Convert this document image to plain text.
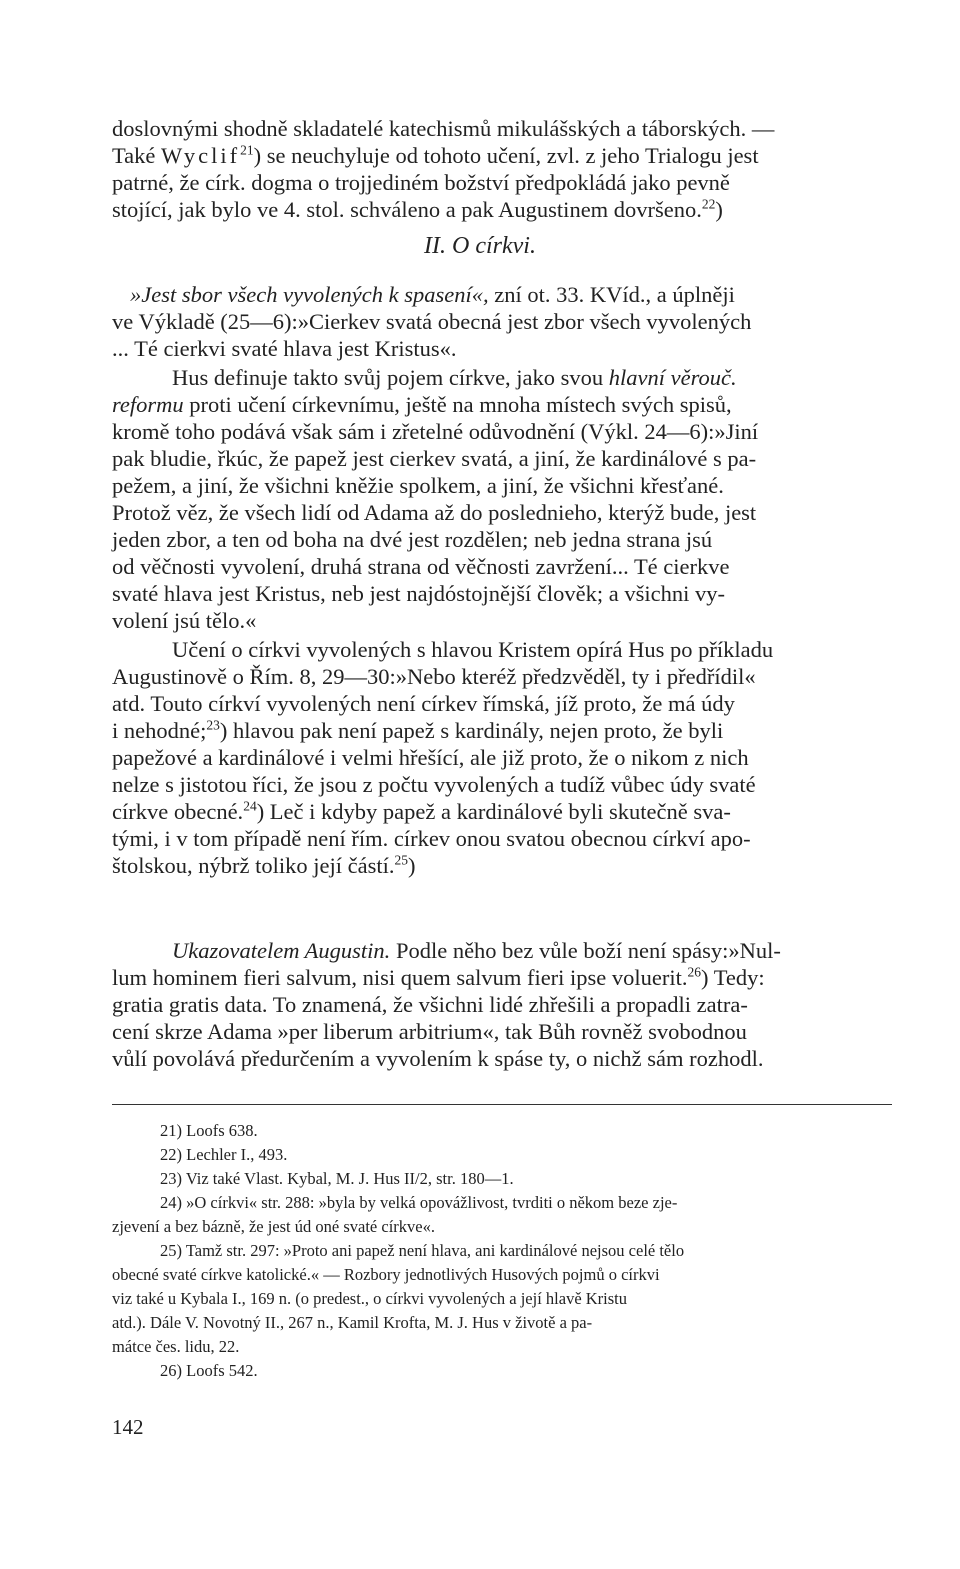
doslovnými shodně skladatelé katechismů mikulášských a táborských. —
Také Wyclif$^{21}$) se neuchyluje od tohoto učení, zvl. z jeho Trialogu jest
patrné, že círk. dogma o trojjediném božství předpokládá jako pevně
stojící, jak bylo ve 4. stol. schváleno a pak Augustinem dovršeno.$^{22}$)
II. O církvi.
»Jest sbor všech vyvolených k spasení«, zní ot. 33. KVíd., a úplněji
ve Výkladě (25—6):»Cierkev svatá obecná jest zbor všech vyvolených
... Té cierkvi svaté hlava jest Kristus«.
Hus definuje takto svůj pojem církve, jako svou hlavní věrouč.
reformu proti učení církevnímu, ještě na mnoha místech svých spisů,
kromě toho podává však sám i zřetelné odůvodnění (Výkl. 24—6):»Jiní
pak bludie, řkúc, že papež jest cierkev svatá, a jiní, že kardinálové s pa-
pežem, a jiní, že všichni kněžie spolkem, a jiní, že všichni křesťané.
Protož věz, že všech lidí od Adama až do poslednieho, kterýž bude, jest
jeden zbor, a ten od boha na dvé jest rozdělen; neb jedna strana jsú
od věčnosti vyvolení, druhá strana od věčnosti zavržení... Té cierkve
svaté hlava jest Kristus, neb jest najdóstojnější člověk; a všichni vy-
volení jsú tělo.«
Učení o církvi vyvolených s hlavou Kristem opírá Hus po příkladu
Augustinově o Řím. 8, 29—30:»Nebo kteréž předzvěděl, ty i předřídil«
atd. Touto církví vyvolených není církev římská, jíž proto, že má údy
i nehodné;$^{23}$) hlavou pak není papež s kardinály, nejen proto, že byli
papežové a kardinálové i velmi hřešící, ale již proto, že o nikom z nich
nelze s jistotou říci, že jsou z počtu vyvolených a tudíž vůbec údy svaté
církve obecné.$^{24}$) Leč i kdyby papež a kardinálové byli skutečně sva-
tými, i v tom případě není řím. církev onou svatou obecnou církví apo-
štolskou, nýbrž toliko její částí.$^{25}$)
Ukazovatelem Augustin. Podle něho bez vůle boží není spásy:»Nul-
lum hominem fieri salvum, nisi quem salvum fieri ipse voluerit.$^{26}$) Tedy:
gratia gratis data. To znamená, že všichni lidé zhřešili a propadli zatra-
cení skrze Adama »per liberum arbitrium«, tak Bůh rovněž svobodnou
vůlí povolává předurčením a vyvolením k spáse ty, o nichž sám rozhodl.
21) Loofs 638.
22) Lechler I., 493.
23) Viz také Vlast. Kybal, M. J. Hus II/2, str. 180—1.
24) »O církvi« str. 288: »byla by velká opovážlivost, tvrditi o někom beze zje-
zjevení a bez bázně, že jest úd oné svaté církve«.
25) Tamž str. 297: »Proto ani papež není hlava, ani kardinálové nejsou celé tělo
obecné svaté církve katolické.« — Rozbory jednotlivých Husových pojmů o církvi
viz také u Kybala I., 169 n. (o predest., o církvi vyvolených a její hlavě Kristu
atd.). Dále V. Novotný II., 267 n., Kamil Krofta, M. J. Hus v životě a pa-
mátce čes. lidu, 22.
26) Loofs 542.
142
